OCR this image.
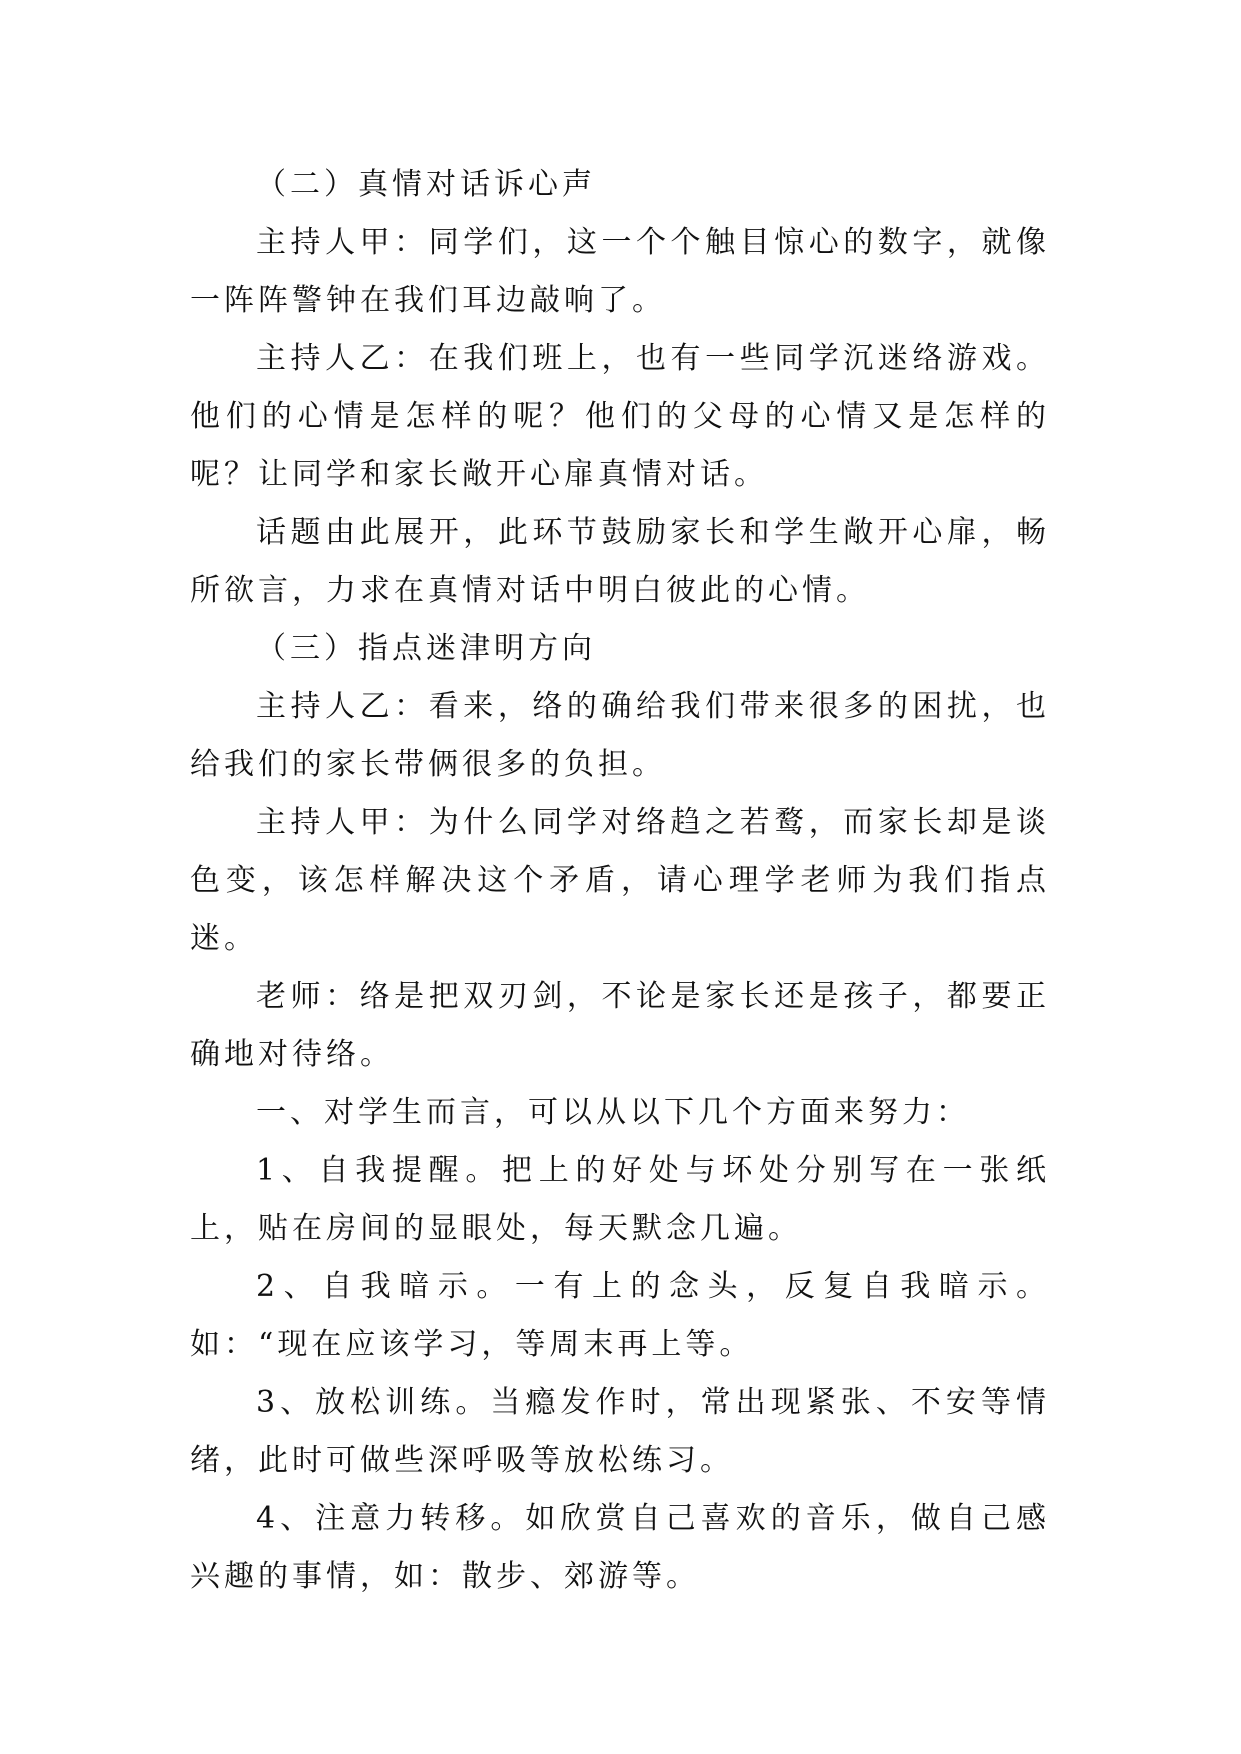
（二）真情对话诉心声

主持人甲：同学们，这一个个触目惊心的数字，就像一阵阵警钟在我们耳边敲响了。

主持人乙：在我们班上，也有一些同学沉迷络游戏。他们的心情是怎样的呢？他们的父母的心情又是怎样的呢？让同学和家长敞开心扉真情对话。

话题由此展开，此环节鼓励家长和学生敞开心扉，畅所欲言，力求在真情对话中明白彼此的心情。

（三）指点迷津明方向

主持人乙：看来，络的确给我们带来很多的困扰，也给我们的家长带俩很多的负担。

主持人甲：为什么同学对络趋之若鹜，而家长却是谈色变，该怎样解决这个矛盾，请心理学老师为我们指点迷。

老师：络是把双刃剑，不论是家长还是孩子，都要正确地对待络。

一、对学生而言，可以从以下几个方面来努力：

1、自我提醒。把上的好处与坏处分别写在一张纸上，贴在房间的显眼处，每天默念几遍。

2、自我暗示。一有上的念头，反复自我暗示。如：“现在应该学习，等周末再上等。

3、放松训练。当瘾发作时，常出现紧张、不安等情绪，此时可做些深呼吸等放松练习。

4、注意力转移。如欣赏自己喜欢的音乐，做自己感兴趣的事情，如：散步、郊游等。
